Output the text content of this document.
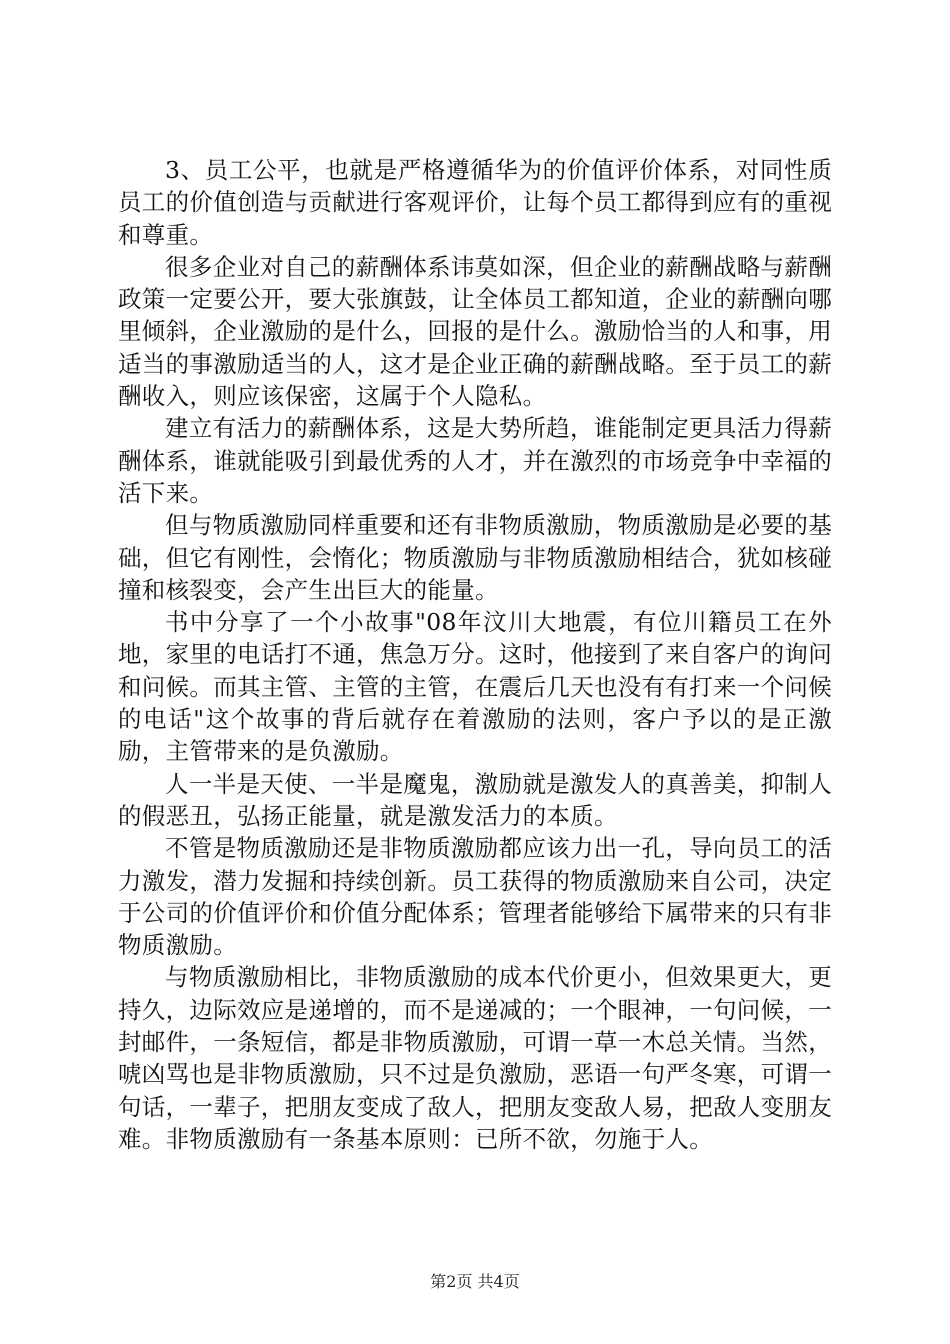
3、员工公平，也就是严格遵循华为的价值评价体系，对同性质员工的价值创造与贡献进行客观评价，让每个员工都得到应有的重视和尊重。

很多企业对自己的薪酬体系讳莫如深，但企业的薪酬战略与薪酬政策一定要公开，要大张旗鼓，让全体员工都知道，企业的薪酬向哪里倾斜，企业激励的是什么，回报的是什么。激励恰当的人和事，用适当的事激励适当的人，这才是企业正确的薪酬战略。至于员工的薪酬收入，则应该保密，这属于个人隐私。

建立有活力的薪酬体系，这是大势所趋，谁能制定更具活力得薪酬体系，谁就能吸引到最优秀的人才，并在激烈的市场竞争中幸福的活下来。

但与物质激励同样重要和还有非物质激励，物质激励是必要的基础，但它有刚性，会惰化；物质激励与非物质激励相结合，犹如核碰撞和核裂变，会产生出巨大的能量。

书中分享了一个小故事"08年汶川大地震，有位川籍员工在外地，家里的电话打不通，焦急万分。这时，他接到了来自客户的询问和问候。而其主管、主管的主管，在震后几天也没有有打来一个问候的电话"这个故事的背后就存在着激励的法则，客户予以的是正激励，主管带来的是负激励。

人一半是天使、一半是魔鬼，激励就是激发人的真善美，抑制人的假恶丑，弘扬正能量，就是激发活力的本质。

不管是物质激励还是非物质激励都应该力出一孔，导向员工的活力激发，潜力发掘和持续创新。员工获得的物质激励来自公司，决定于公司的价值评价和价值分配体系；管理者能够给下属带来的只有非物质激励。

与物质激励相比，非物质激励的成本代价更小，但效果更大，更持久，边际效应是递增的，而不是递减的；一个眼神，一句问候，一封邮件，一条短信，都是非物质激励，可谓一草一木总关情。当然，唬凶骂也是非物质激励，只不过是负激励，恶语一句严冬寒，可谓一句话，一辈子，把朋友变成了敌人，把朋友变敌人易，把敌人变朋友难。非物质激励有一条基本原则：已所不欲，勿施于人。

第2页 共4页
